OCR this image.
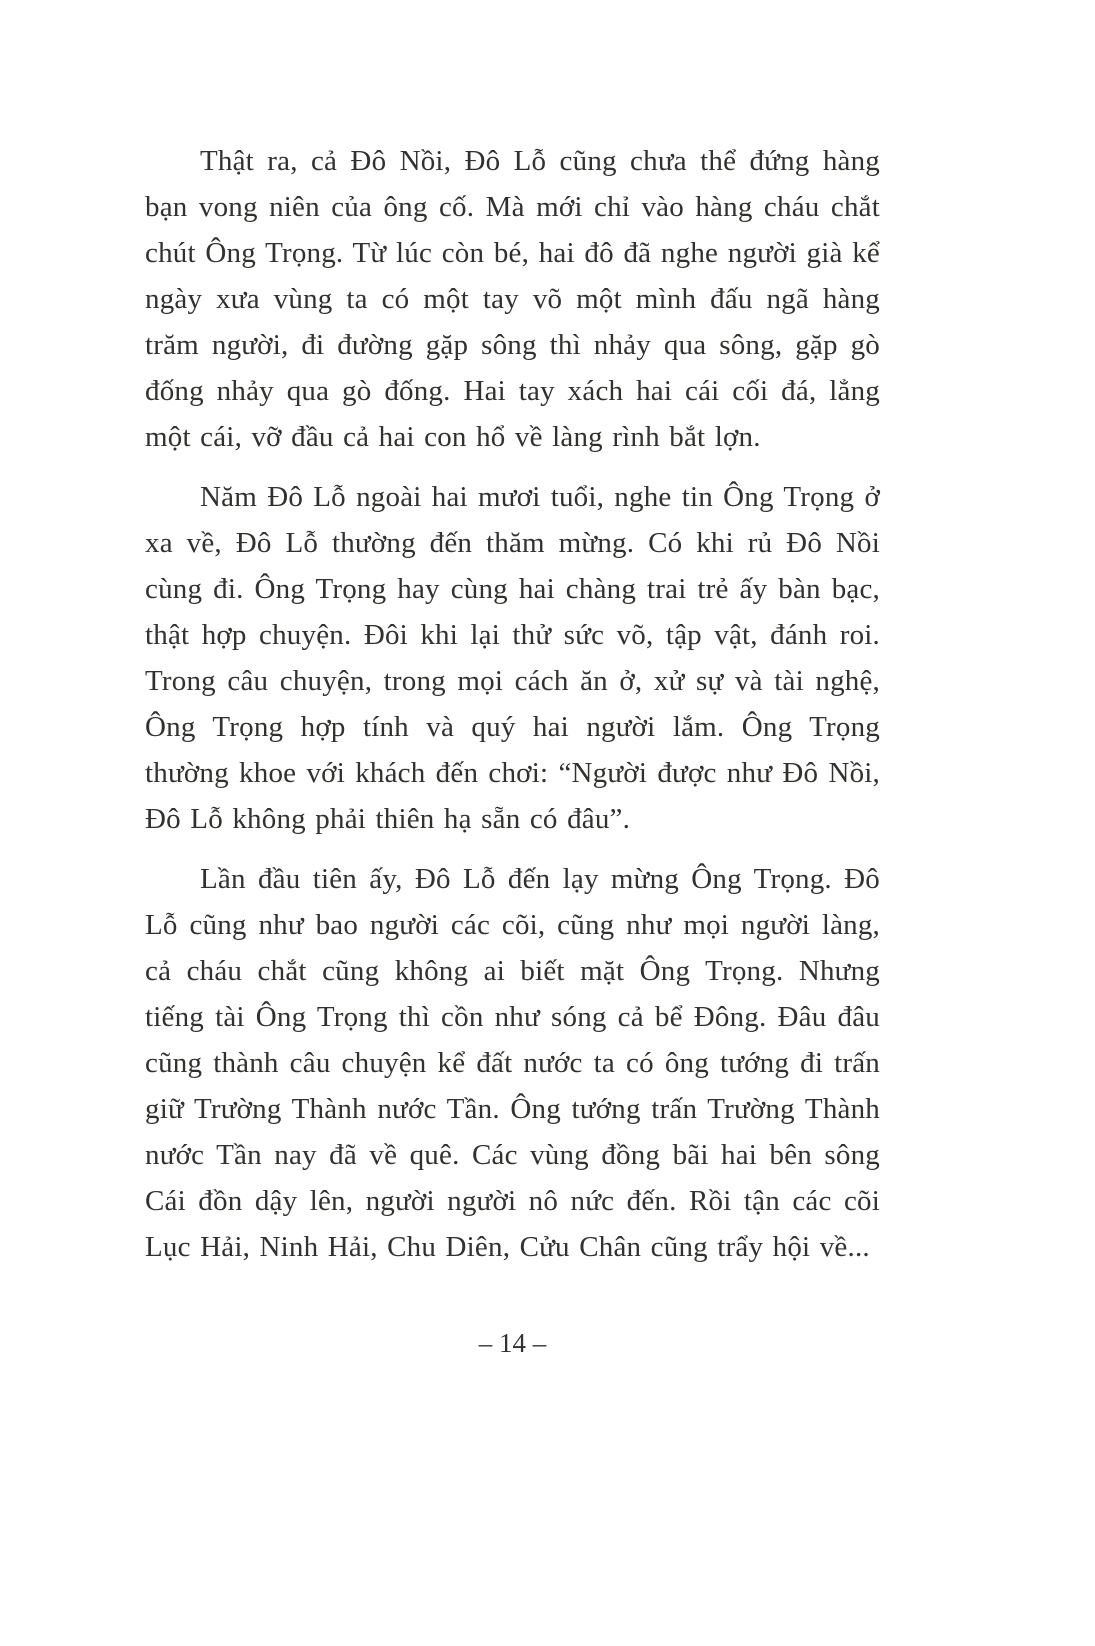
Thật ra, cả Đô Nồi, Đô Lỗ cũng chưa thể đứng hàng bạn vong niên của ông cố. Mà mới chỉ vào hàng cháu chắt chút Ông Trọng. Từ lúc còn bé, hai đô đã nghe người già kể ngày xưa vùng ta có một tay võ một mình đấu ngã hàng trăm người, đi đường gặp sông thì nhảy qua sông, gặp gò đống nhảy qua gò đống. Hai tay xách hai cái cối đá, lẳng một cái, vỡ đầu cả hai con hổ về làng rình bắt lợn.

Năm Đô Lỗ ngoài hai mươi tuổi, nghe tin Ông Trọng ở xa về, Đô Lỗ thường đến thăm mừng. Có khi rủ Đô Nồi cùng đi. Ông Trọng hay cùng hai chàng trai trẻ ấy bàn bạc, thật hợp chuyện. Đôi khi lại thử sức võ, tập vật, đánh roi. Trong câu chuyện, trong mọi cách ăn ở, xử sự và tài nghệ, Ông Trọng hợp tính và quý hai người lắm. Ông Trọng thường khoe với khách đến chơi: “Người được như Đô Nồi, Đô Lỗ không phải thiên hạ sẵn có đâu”.

Lần đầu tiên ấy, Đô Lỗ đến lạy mừng Ông Trọng. Đô Lỗ cũng như bao người các cõi, cũng như mọi người làng, cả cháu chắt cũng không ai biết mặt Ông Trọng. Nhưng tiếng tài Ông Trọng thì cồn như sóng cả bể Đông. Đâu đâu cũng thành câu chuyện kể đất nước ta có ông tướng đi trấn giữ Trường Thành nước Tần. Ông tướng trấn Trường Thành nước Tần nay đã về quê. Các vùng đồng bãi hai bên sông Cái đồn dậy lên, người người nô nức đến. Rồi tận các cõi Lục Hải, Ninh Hải, Chu Diên, Cửu Chân cũng trẩy hội về...

– 14 –
